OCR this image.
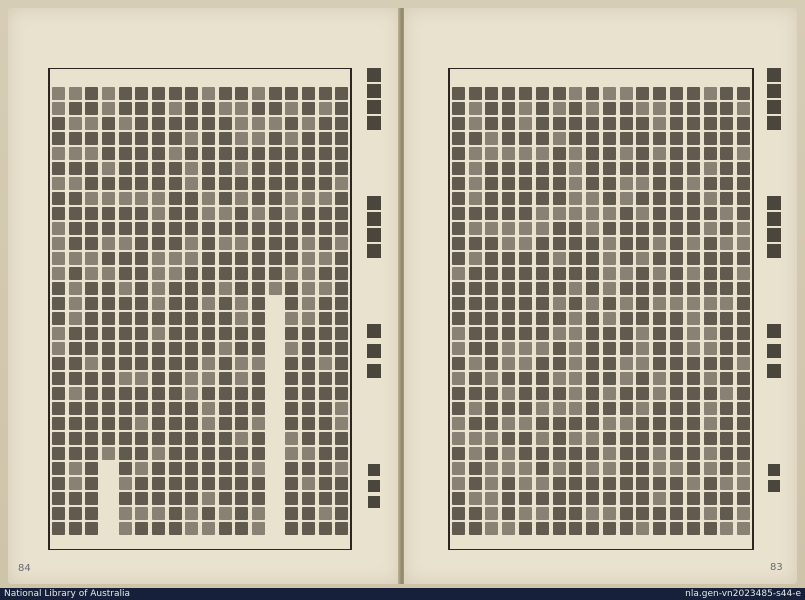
84	83
National Library of Australia	nla.gen-vn2023485-s44-e
